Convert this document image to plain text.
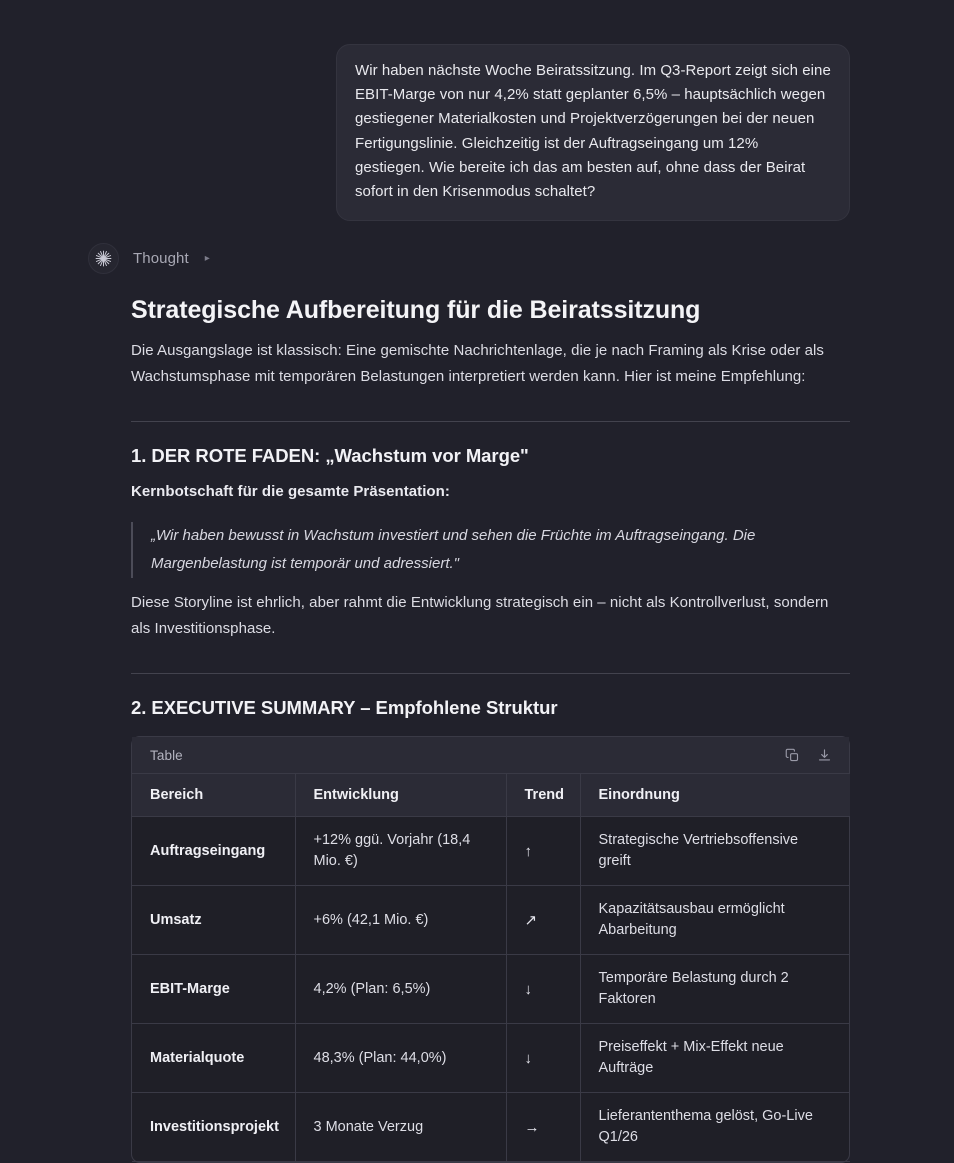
Wir haben nächste Woche Beiratssitzung. Im Q3-Report zeigt sich eine EBIT-Marge von nur 4,2% statt geplanter 6,5% – hauptsächlich wegen gestiegener Materialkosten und Projektverzögerungen bei der neuen Fertigungslinie. Gleichzeitig ist der Auftragseingang um 12% gestiegen. Wie bereite ich das am besten auf, ohne dass der Beirat sofort in den Krisenmodus schaltet?
Thought ▸
Strategische Aufbereitung für die Beiratssitzung

Die Ausgangslage ist klassisch: Eine gemischte Nachrichtenlage, die je nach Framing als Krise oder als Wachstumsphase mit temporären Belastungen interpretiert werden kann. Hier ist meine Empfehlung:

1. DER ROTE FADEN: „Wachstum vor Marge"

Kernbotschaft für die gesamte Präsentation:

„Wir haben bewusst in Wachstum investiert und sehen die Früchte im Auftragseingang. Die Margenbelastung ist temporär und adressiert."

Diese Storyline ist ehrlich, aber rahmt die Entwicklung strategisch ein – nicht als Kontrollverlust, sondern als Investitionsphase.

2. EXECUTIVE SUMMARY – Empfohlene Struktur
Table
Bereich	Entwicklung	Trend	Einordnung
Auftragseingang	+12% ggü. Vorjahr (18,4 Mio. €)	↑	Strategische Vertriebsoffensive greift
Umsatz	+6% (42,1 Mio. €)	↗	Kapazitätsausbau ermöglicht Abarbeitung
EBIT-Marge	4,2% (Plan: 6,5%)	↓	Temporäre Belastung durch 2 Faktoren
Materialquote	48,3% (Plan: 44,0%)	↓	Preiseffekt + Mix-Effekt neue Aufträge
Investitionsprojekt	3 Monate Verzug	→	Lieferantenthema gelöst, Go-Live Q1/26
